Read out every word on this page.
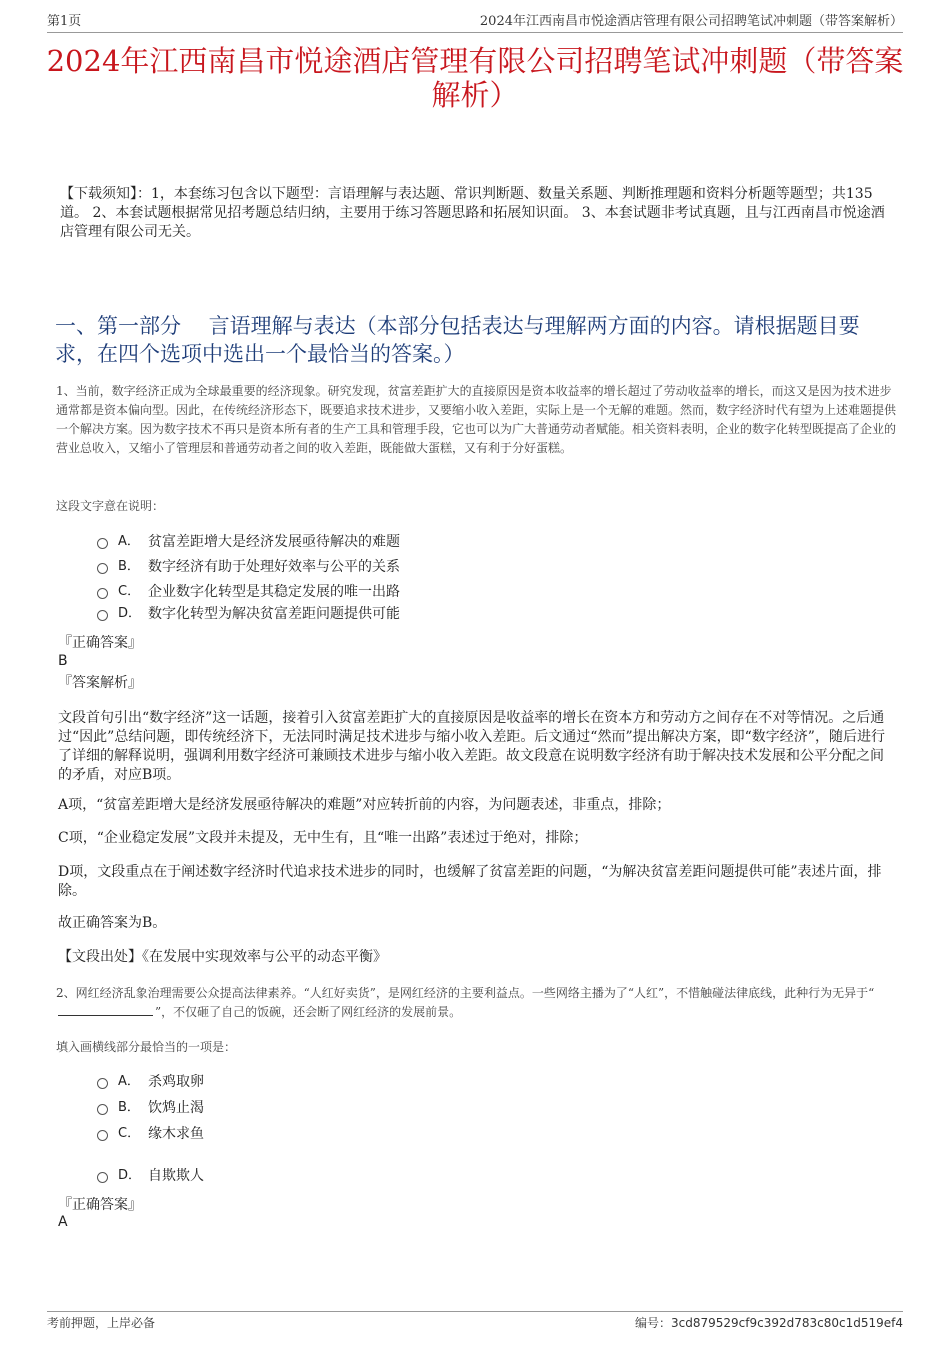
第1页	2024年江西南昌市悦途酒店管理有限公司招聘笔试冲刺题（带答案解析）
2024年江西南昌市悦途酒店管理有限公司招聘笔试冲刺题（带答案解析）
【下载须知】：1，本套练习包含以下题型：言语理解与表达题、常识判断题、数量关系题、判断推理题和资料分析题等题型；共135道。 2、本套试题根据常见招考题总结归纳，主要用于练习答题思路和拓展知识面。 3、本套试题非考试真题，且与江西南昌市悦途酒店管理有限公司无关。
一、第一部分　 言语理解与表达（本部分包括表达与理解两方面的内容。请根据题目要求，在四个选项中选出一个最恰当的答案。）
1、当前，数字经济正成为全球最重要的经济现象。研究发现，贫富差距扩大的直接原因是资本收益率的增长超过了劳动收益率的增长，而这又是因为技术进步通常都是资本偏向型。因此，在传统经济形态下，既要追求技术进步，又要缩小收入差距，实际上是一个无解的难题。然而，数字经济时代有望为上述难题提供一个解决方案。因为数字技术不再只是资本所有者的生产工具和管理手段，它也可以为广大普通劳动者赋能。相关资料表明，企业的数字化转型既提高了企业的营业总收入，又缩小了管理层和普通劳动者之间的收入差距，既能做大蛋糕，又有利于分好蛋糕。
这段文字意在说明：
A． 贫富差距增大是经济发展亟待解决的难题
B． 数字经济有助于处理好效率与公平的关系
C． 企业数字化转型是其稳定发展的唯一出路
D． 数字化转型为解决贫富差距问题提供可能
『正确答案』
B
『答案解析』
文段首句引出“数字经济”这一话题，接着引入贫富差距扩大的直接原因是收益率的增长在资本方和劳动方之间存在不对等情况。之后通过“因此”总结问题，即传统经济下，无法同时满足技术进步与缩小收入差距。后文通过“然而”提出解决方案，即“数字经济”，随后进行了详细的解释说明，强调利用数字经济可兼顾技术进步与缩小收入差距。故文段意在说明数字经济有助于解决技术发展和公平分配之间的矛盾，对应B项。
A项，“贫富差距增大是经济发展亟待解决的难题”对应转折前的内容，为问题表述，非重点，排除；
C项，“企业稳定发展”文段并未提及，无中生有，且“唯一出路”表述过于绝对，排除；
D项，文段重点在于阐述数字经济时代追求技术进步的同时，也缓解了贫富差距的问题，“为解决贫富差距问题提供可能”表述片面，排除。
故正确答案为B。
【文段出处】《在发展中实现效率与公平的动态平衡》
2、网红经济乱象治理需要公众提高法律素养。“人红好卖货”，是网红经济的主要利益点。一些网络主播为了“人红”，不惜触碰法律底线，此种行为无异于“”，不仅砸了自己的饭碗，还会断了网红经济的发展前景。
填入画横线部分最恰当的一项是：
A． 杀鸡取卵
B． 饮鸩止渴
C． 缘木求鱼
D． 自欺欺人
『正确答案』
A
考前押题，上岸必备	编号：3cd879529cf9c392d783c80c1d519ef4
